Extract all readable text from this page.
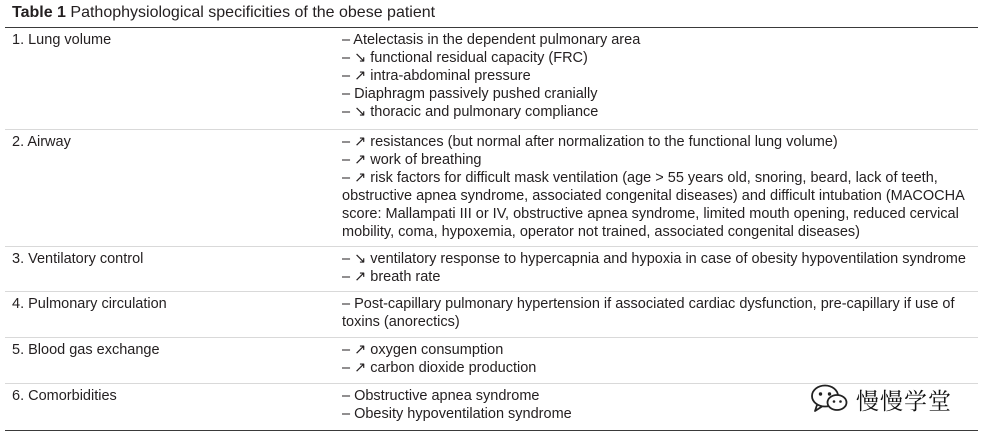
Table 1 Pathophysiological specificities of the obese patient
1. Lung volume	– Atelectasis in the dependent pulmonary area
– ↘ functional residual capacity (FRC)
– ↗ intra-abdominal pressure
– Diaphragm passively pushed cranially
– ↘ thoracic and pulmonary compliance
2. Airway	– ↗ resistances (but normal after normalization to the functional lung volume)
– ↗ work of breathing
– ↗ risk factors for difficult mask ventilation (age > 55 years old, snoring, beard, lack of teeth, obstructive apnea syndrome, associated congenital diseases) and difficult intubation (MACOCHA score: Mallampati III or IV, obstructive apnea syndrome, limited mouth opening, reduced cervical mobility, coma, hypoxemia, operator not trained, associated congenital diseases)
3. Ventilatory control	– ↘ ventilatory response to hypercapnia and hypoxia in case of obesity hypoventilation syndrome
– ↗ breath rate
4. Pulmonary circulation	– Post-capillary pulmonary hypertension if associated cardiac dysfunction, pre-capillary if use of toxins (anorectics)
5. Blood gas exchange	– ↗ oxygen consumption
– ↗ carbon dioxide production
6. Comorbidities	– Obstructive apnea syndrome
– Obesity hypoventilation syndrome	慢慢学堂
